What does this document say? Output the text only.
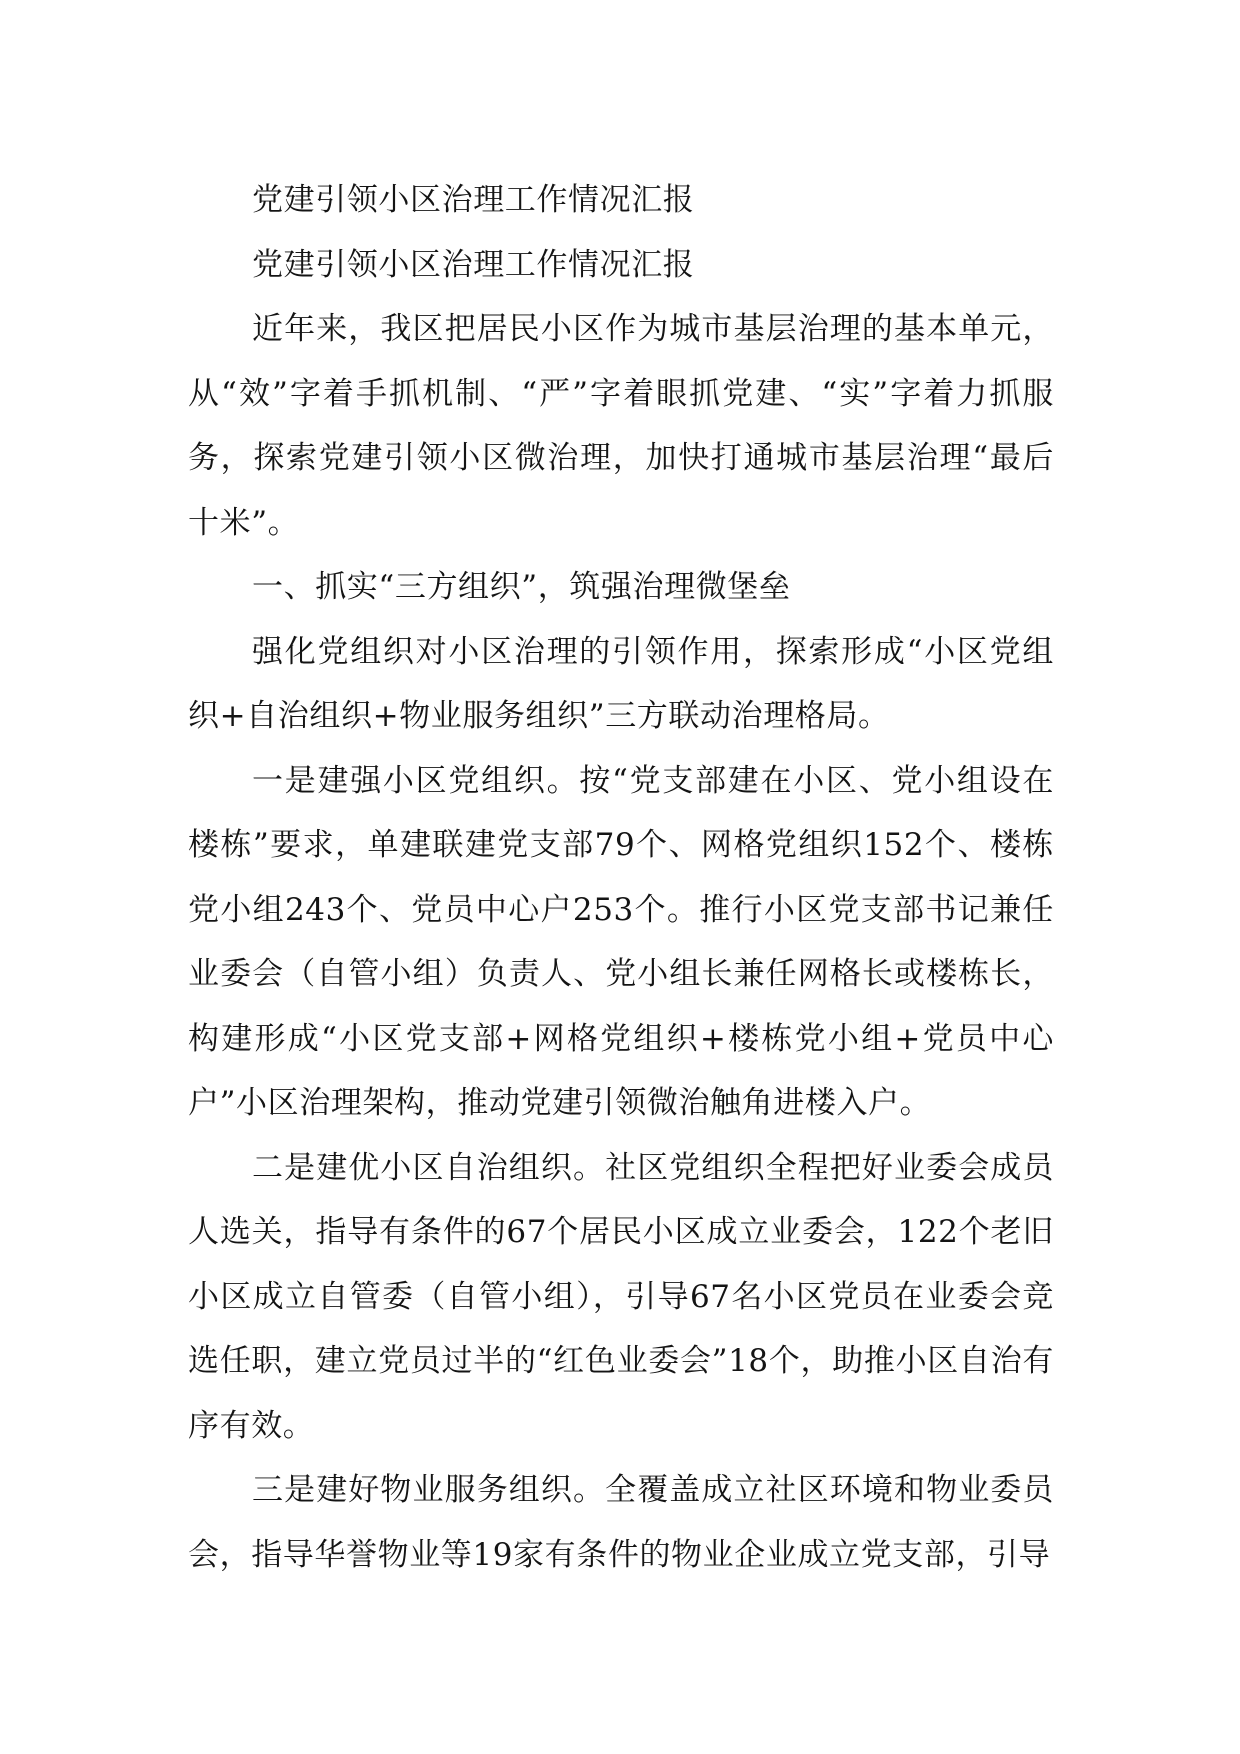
党建引领小区治理工作情况汇报

党建引领小区治理工作情况汇报

近年来，我区把居民小区作为城市基层治理的基本单元，从“效”字着手抓机制、“严”字着眼抓党建、“实”字着力抓服务，探索党建引领小区微治理，加快打通城市基层治理“最后十米”。

一、抓实“三方组织”，筑强治理微堡垒

强化党组织对小区治理的引领作用，探索形成“小区党组织+自治组织+物业服务组织”三方联动治理格局。

一是建强小区党组织。按“党支部建在小区、党小组设在楼栋”要求，单建联建党支部79个、网格党组织152个、楼栋党小组243个、党员中心户253个。推行小区党支部书记兼任业委会（自管小组）负责人、党小组长兼任网格长或楼栋长，构建形成“小区党支部+网格党组织+楼栋党小组+党员中心户”小区治理架构，推动党建引领微治触角进楼入户。

二是建优小区自治组织。社区党组织全程把好业委会成员人选关，指导有条件的67个居民小区成立业委会，122个老旧小区成立自管委（自管小组），引导67名小区党员在业委会竞选任职，建立党员过半的“红色业委会”18个，助推小区自治有序有效。

三是建好物业服务组织。全覆盖成立社区环境和物业委员会，指导华誉物业等19家有条件的物业企业成立党支部，引导
